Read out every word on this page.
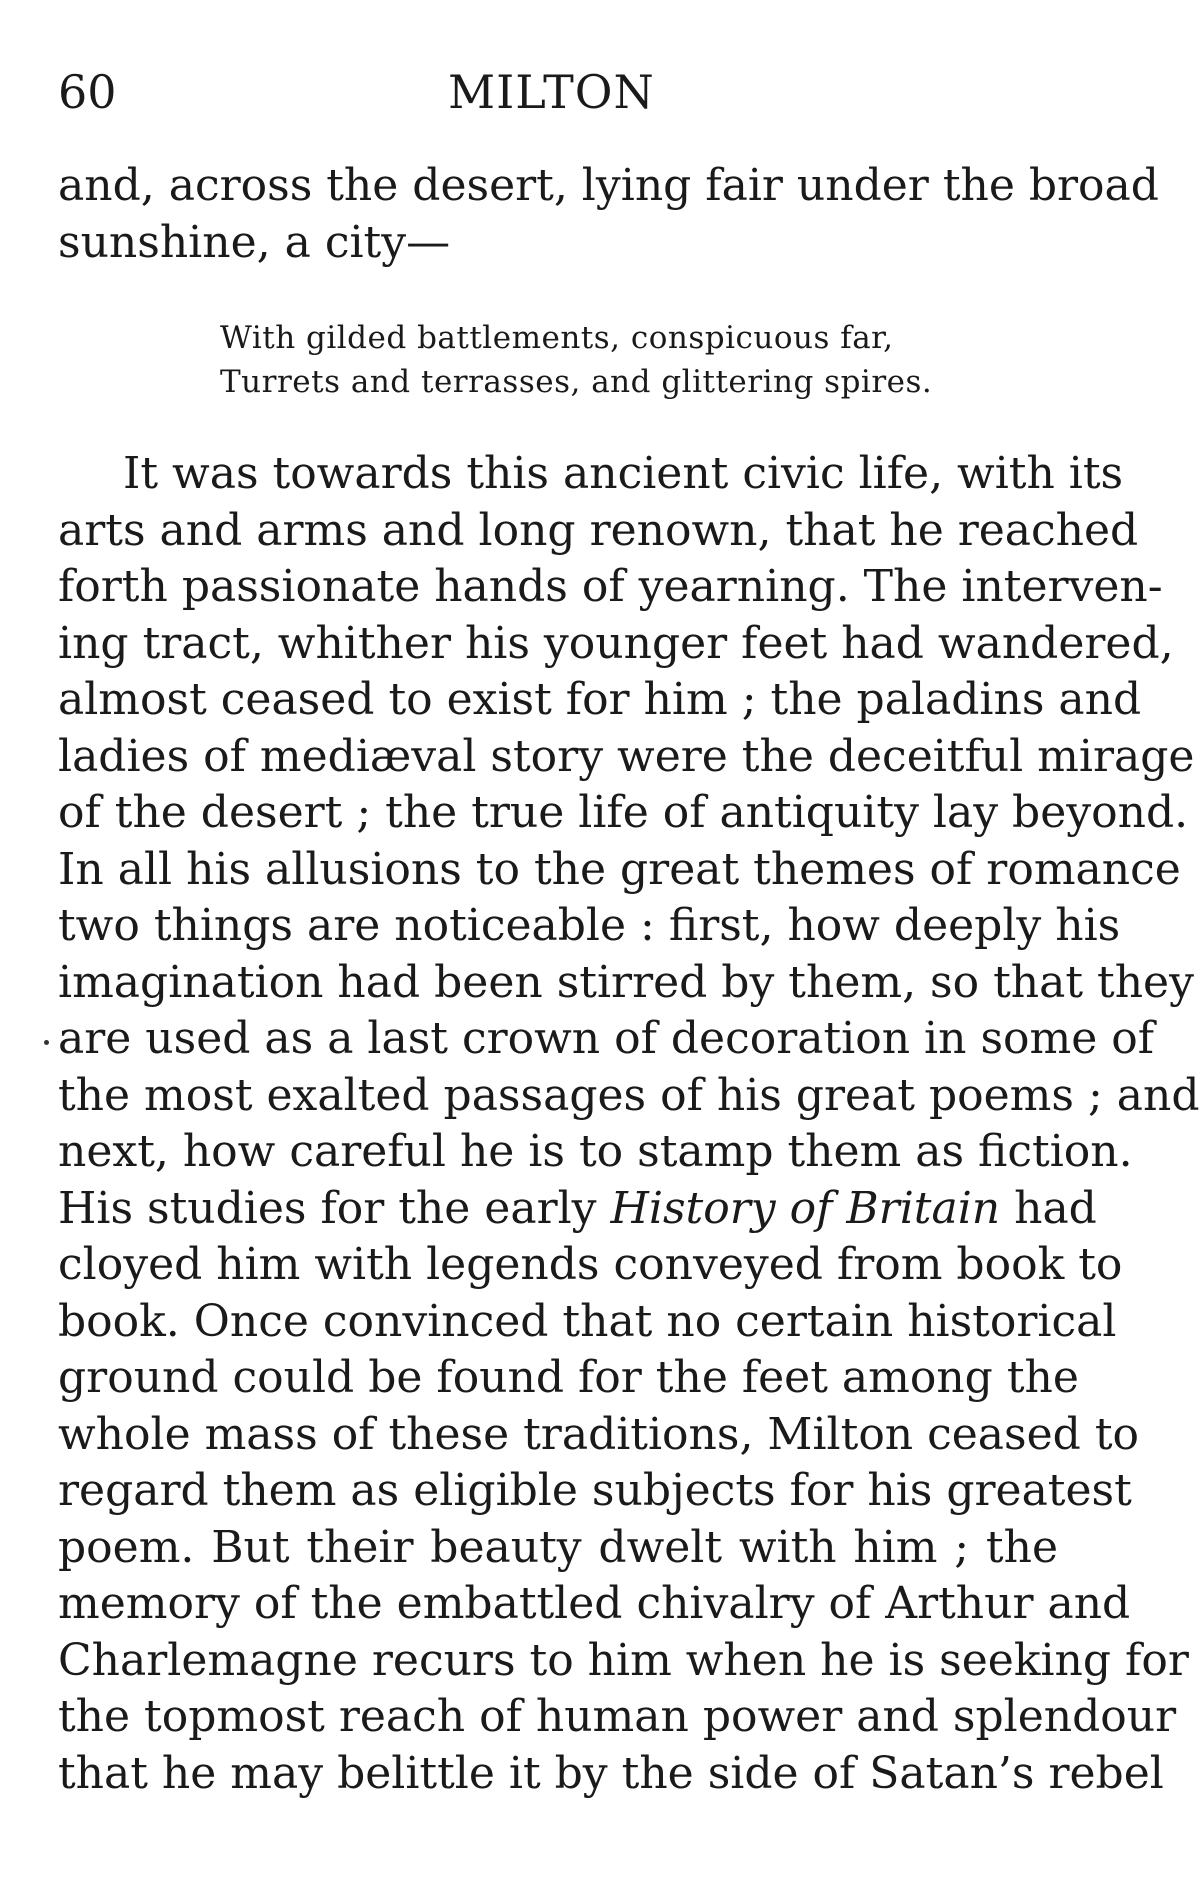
60	MILTON
and, across the desert, lying fair under the broad
sunshine, a city—
With gilded battlements, conspicuous far,
Turrets and terrasses, and glittering spires.
It was towards this ancient civic life, with its
arts and arms and long renown, that he reached
forth passionate hands of yearning. The interven-
ing tract, whither his younger feet had wandered,
almost ceased to exist for him ; the paladins and
ladies of mediæval story were the deceitful mirage
of the desert ; the true life of antiquity lay beyond.
In all his allusions to the great themes of romance
two things are noticeable : first, how deeply his
imagination had been stirred by them, so that they
are used as a last crown of decoration in some of
the most exalted passages of his great poems ; and
next, how careful he is to stamp them as fiction.
His studies for the early History of Britain had
cloyed him with legends conveyed from book to
book. Once convinced that no certain historical
ground could be found for the feet among the
whole mass of these traditions, Milton ceased to
regard them as eligible subjects for his greatest
poem. But their beauty dwelt with him ; the
memory of the embattled chivalry of Arthur and
Charlemagne recurs to him when he is seeking for
the topmost reach of human power and splendour
that he may belittle it by the side of Satan’s rebel
